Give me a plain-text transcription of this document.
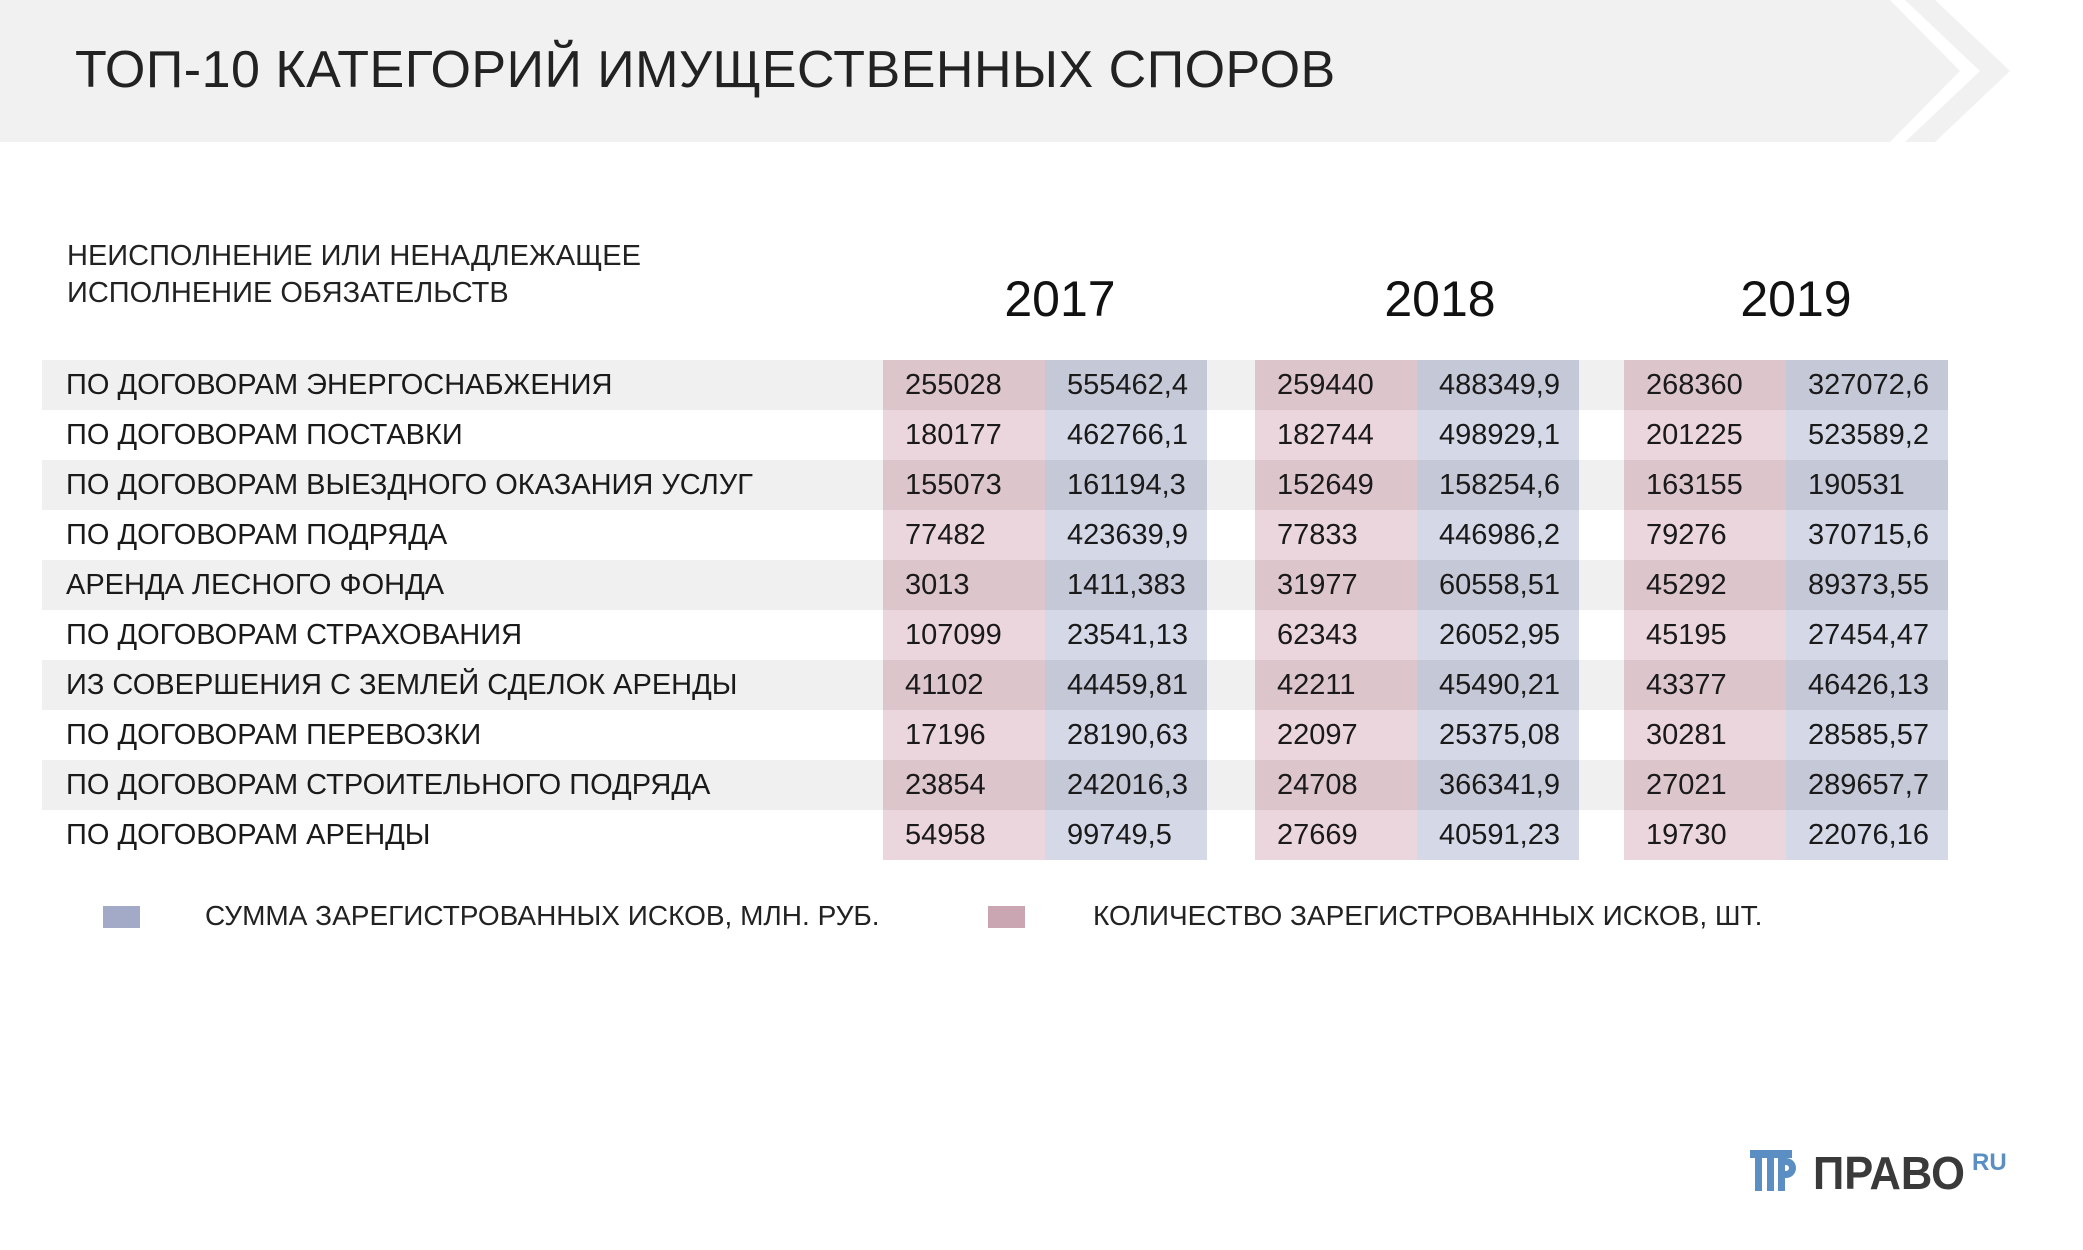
ТОП-10 КАТЕГОРИЙ ИМУЩЕСТВЕННЫХ СПОРОВ
НЕИСПОЛНЕНИЕ ИЛИ НЕНАДЛЕЖАЩЕЕ ИСПОЛНЕНИЕ ОБЯЗАТЕЛЬСТВ	2017	2018	2019
ПО ДОГОВОРАМ ЭНЕРГОСНАБЖЕНИЯ	255028	555462,4	259440	488349,9	268360	327072,6
ПО ДОГОВОРАМ ПОСТАВКИ	180177	462766,1	182744	498929,1	201225	523589,2
ПО ДОГОВОРАМ ВЫЕЗДНОГО ОКАЗАНИЯ УСЛУГ	155073	161194,3	152649	158254,6	163155	190531
ПО ДОГОВОРАМ ПОДРЯДА	77482	423639,9	77833	446986,2	79276	370715,6
АРЕНДА ЛЕСНОГО ФОНДА	3013	1411,383	31977	60558,51	45292	89373,55
ПО ДОГОВОРАМ СТРАХОВАНИЯ	107099	23541,13	62343	26052,95	45195	27454,47
ИЗ СОВЕРШЕНИЯ С ЗЕМЛЕЙ СДЕЛОК АРЕНДЫ	41102	44459,81	42211	45490,21	43377	46426,13
ПО ДОГОВОРАМ ПЕРЕВОЗКИ	17196	28190,63	22097	25375,08	30281	28585,57
ПО ДОГОВОРАМ СТРОИТЕЛЬНОГО ПОДРЯДА	23854	242016,3	24708	366341,9	27021	289657,7
ПО ДОГОВОРАМ АРЕНДЫ	54958	99749,5	27669	40591,23	19730	22076,16
СУММА ЗАРЕГИСТРОВАННЫХ ИСКОВ, МЛН. РУБ.	КОЛИЧЕСТВО ЗАРЕГИСТРОВАННЫХ ИСКОВ, ШТ.
ПРАВО RU
